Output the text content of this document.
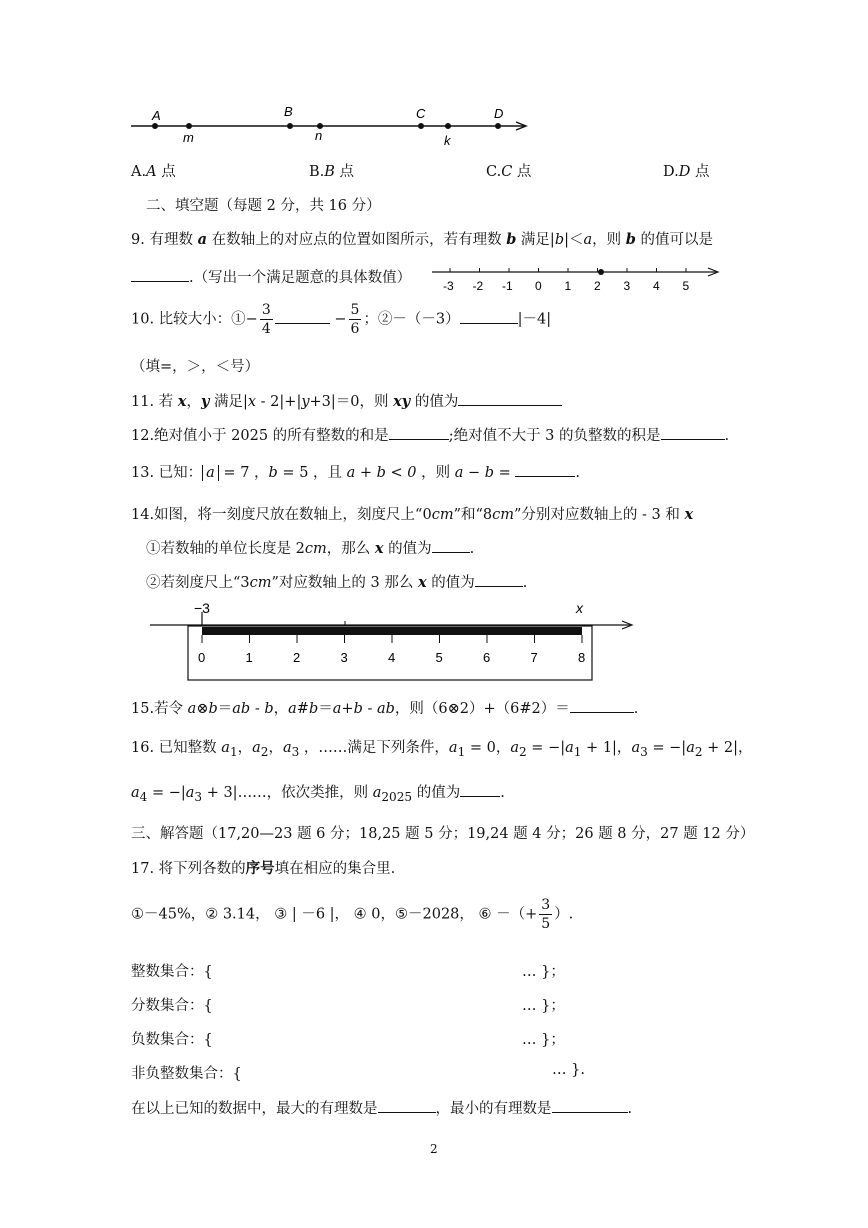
A
m
B
n
C
k
D
A.A 点	B.B 点	C.C 点	D.D 点
二、填空题（每题 2 分，共 16 分）
9. 有理数 a 在数轴上的对应点的位置如图所示，若有理数 b 满足|b|＜a，则 b 的值可以是
.（写出一个满足题意的具体数值）	-3 -2 -1 0 1 2 3 4 5
10. 比较大小：①− $\frac{3}{4}$	− $\frac{5}{6}$ ；②－（－3）	|－4|
（填=，＞，＜号）
11. 若 x，y 满足|x - 2|+|y+3|＝0，则 xy 的值为
12.绝对值小于 2025 的所有整数的和是	;绝对值不大于 3 的负整数的积是	.
13. 已知： a = 7 ，b = 5 ，且 a + b < 0 ，则 a − b =	.
14.如图，将一刻度尺放在数轴上，刻度尺上“0cm”和“8cm”分别对应数轴上的 - 3 和 x
①若数轴的单位长度是 2cm，那么 x 的值为	.
②若刻度尺上“3cm”对应数轴上的 3 那么 x 的值为	.
−3	x
0	1	2	3	4	5	6	7	8
15.若令 a⊗b＝ab - b，a#b＝a+b - ab，则（6⊗2）+（6#2）＝	.
16. 已知整数 $a_1$，$a_2$，$a_3$ ，……满足下列条件，$a_1 = 0$，$a_2 = -|a_1 + 1|$，$a_3 = -|a_2 + 2|$，
$a_4 = -|a_3$ + 3|……，依次类推，则 $a_{2025}$ 的值为	.
三、解答题（17,20—23 题 6 分；18,25 题 5 分；19,24 题 4 分；26 题 8 分，27 题 12 分）
17. 将下列各数的序号填在相应的集合里.
①－45%，② 3.14， ③ | －6 |， ④ 0，⑤－2028， ⑥ －（+ $\frac{3}{5}$ ）.
整数集合：{	… }；
分数集合：{	… }；
负数集合：{	… }；
非负整数集合：{	… }.
在以上已知的数据中，最大的有理数是	，最小的有理数是	.
2
